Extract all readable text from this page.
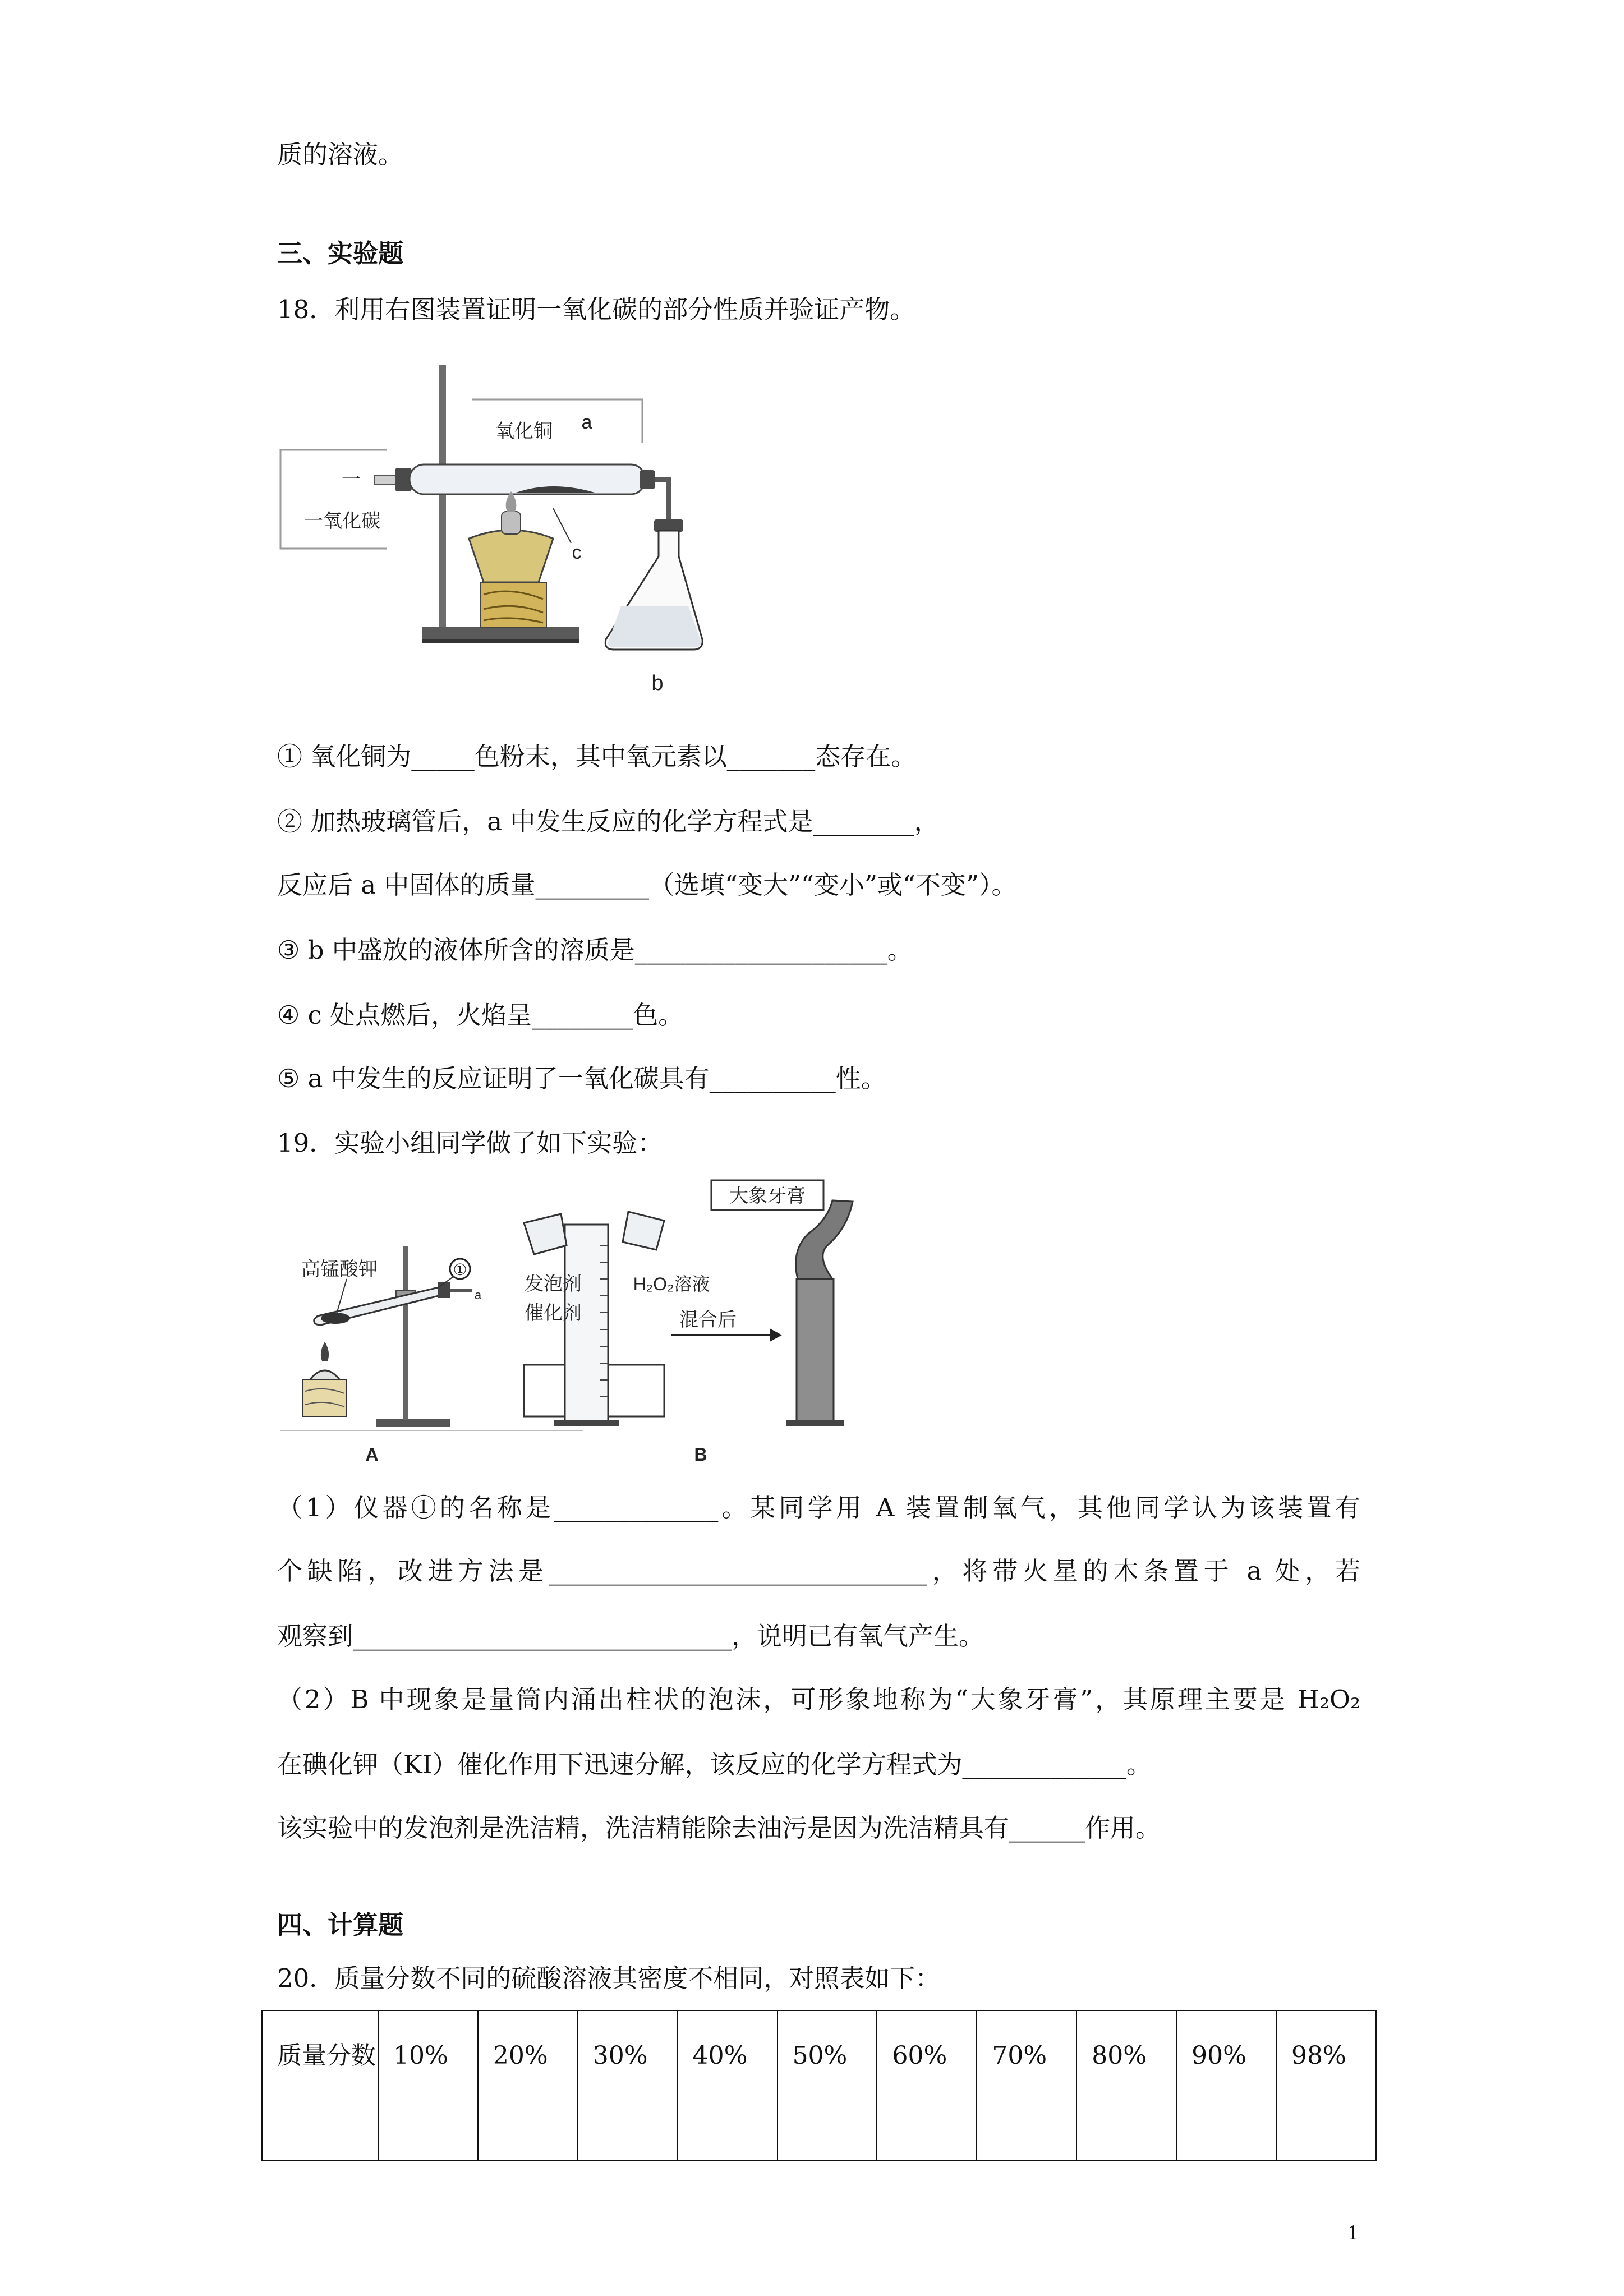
质的溶液。
三、实验题
18．利用右图装置证明一氧化碳的部分性质并验证产物。
氧化铜 a
一
一氧化碳
c
b
① 氧化铜为_____色粉末，其中氧元素以_______态存在。
② 加热玻璃管后，a 中发生反应的化学方程式是________，
反应后 a 中固体的质量_________（选填“变大”“变小”或“不变”）。
③ b 中盛放的液体所含的溶质是____________________。
④ c 处点燃后，火焰呈________色。
⑤ a 中发生的反应证明了一氧化碳具有__________性。
19．实验小组同学做了如下实验：
高锰酸钾	①
a
发泡剂
催化剂
H₂O₂溶液
混合后
大象牙膏
A	B
（1）仪器①的名称是_____________。某同学用 A 装置制氧气，其他同学认为该装置有
个缺陷，改进方法是______________________________，将带火星的木条置于 a 处，若
观察到______________________________，说明已有氧气产生。
（2）B 中现象是量筒内涌出柱状的泡沫，可形象地称为“大象牙膏”，其原理主要是 H₂O₂
在碘化钾（KI）催化作用下迅速分解，该反应的化学方程式为_____________。
该实验中的发泡剂是洗洁精，洗洁精能除去油污是因为洗洁精具有______作用。
四、计算题
20．质量分数不同的硫酸溶液其密度不相同，对照表如下：
质量分数	10%	20%	30%	40%	50%	60%	70%	80%	90%	98%
1
